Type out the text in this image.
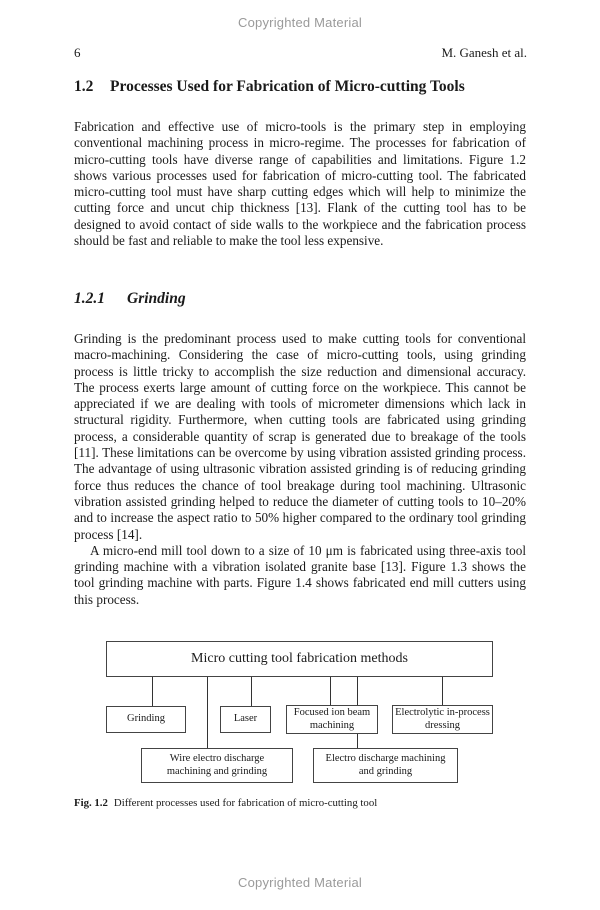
Copyrighted Material
6	M. Ganesh et al.
1.2 Processes Used for Fabrication of Micro-cutting Tools

Fabrication and effective use of micro-tools is the primary step in employing conventional machining process in micro-regime. The processes for fabrication of micro-cutting tools have diverse range of capabilities and limitations. Figure 1.2 shows various processes used for fabrication of micro-cutting tool. The fabricated micro-cutting tool must have sharp cutting edges which will help to minimize the cutting force and uncut chip thickness [13]. Flank of the cutting tool has to be designed to avoid contact of side walls to the workpiece and the fabrication process should be fast and reliable to make the tool less expensive.

1.2.1 Grinding

Grinding is the predominant process used to make cutting tools for conventional macro-machining. Considering the case of micro-cutting tools, using grinding process is little tricky to accomplish the size reduction and dimensional accuracy. The process exerts large amount of cutting force on the workpiece. This cannot be appreciated if we are dealing with tools of micrometer dimensions which lack in structural rigidity. Furthermore, when cutting tools are fabricated using grinding process, a considerable quantity of scrap is generated due to breakage of the tools [11]. These limitations can be overcome by using vibration assisted grinding process. The advantage of using ultrasonic vibration assisted grinding is of reducing grinding force thus reduces the chance of tool breakage during tool machining. Ultrasonic vibration assisted grinding helped to reduce the diameter of cutting tools to 10–20% and to increase the aspect ratio to 50% higher compared to the ordinary tool grinding process [14].

A micro-end mill tool down to a size of 10 μm is fabricated using three-axis tool grinding machine with a vibration isolated granite base [13]. Figure 1.3 shows the tool grinding machine with parts. Figure 1.4 shows fabricated end mill cutters using this process.

Micro cutting tool fabrication methods
Grinding	Laser
Focused ion beam machining
Electrolytic in-process dressing
Wire electro discharge machining and grinding
Electro discharge machining and grinding
Fig. 1.2 Different processes used for fabrication of micro-cutting tool
Copyrighted Material
